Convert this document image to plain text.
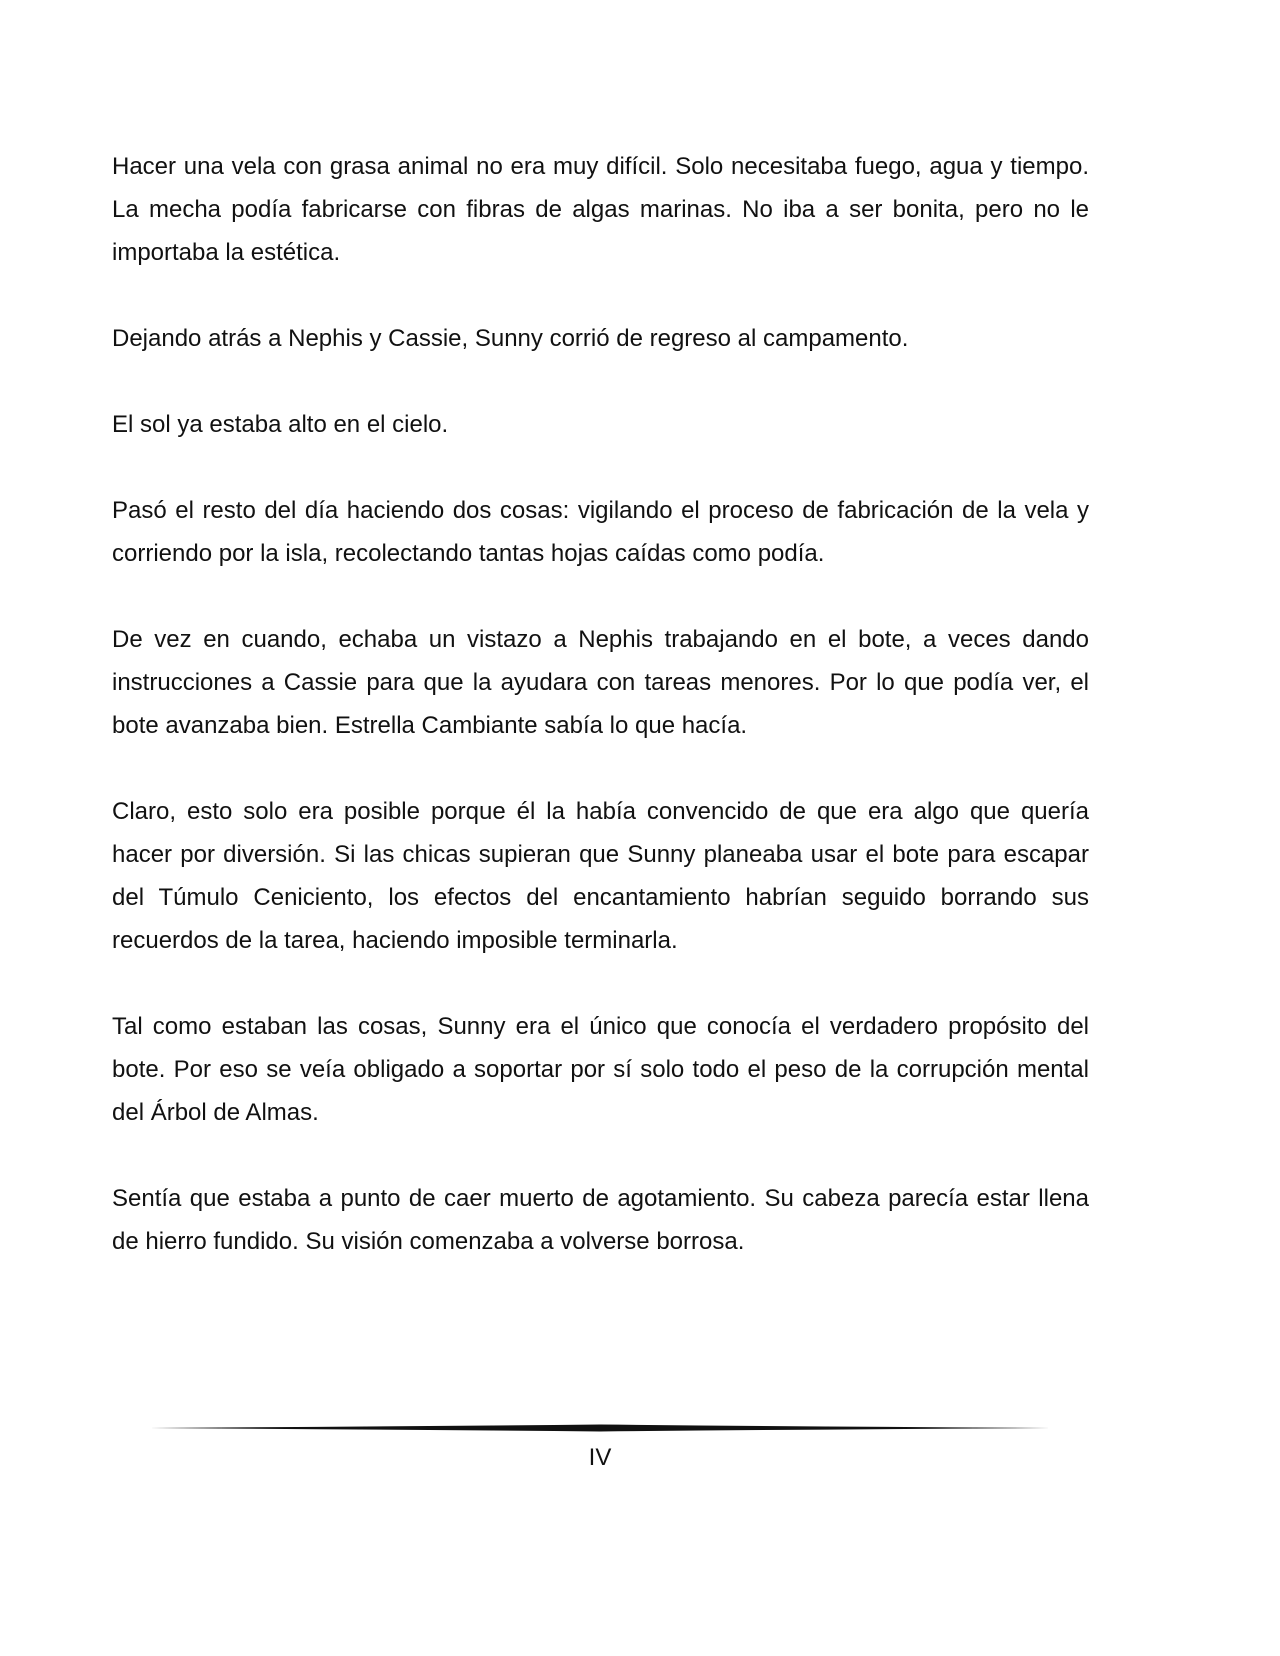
Hacer una vela con grasa animal no era muy difícil. Solo necesitaba fuego, agua y tiempo. La mecha podía fabricarse con fibras de algas marinas. No iba a ser bonita, pero no le importaba la estética.

Dejando atrás a Nephis y Cassie, Sunny corrió de regreso al campamento.

El sol ya estaba alto en el cielo.

Pasó el resto del día haciendo dos cosas: vigilando el proceso de fabricación de la vela y corriendo por la isla, recolectando tantas hojas caídas como podía.

De vez en cuando, echaba un vistazo a Nephis trabajando en el bote, a veces dando instrucciones a Cassie para que la ayudara con tareas menores. Por lo que podía ver, el bote avanzaba bien. Estrella Cambiante sabía lo que hacía.

Claro, esto solo era posible porque él la había convencido de que era algo que quería hacer por diversión. Si las chicas supieran que Sunny planeaba usar el bote para escapar del Túmulo Ceniciento, los efectos del encantamiento habrían seguido borrando sus recuerdos de la tarea, haciendo imposible terminarla.

Tal como estaban las cosas, Sunny era el único que conocía el verdadero propósito del bote. Por eso se veía obligado a soportar por sí solo todo el peso de la corrupción mental del Árbol de Almas.

Sentía que estaba a punto de caer muerto de agotamiento. Su cabeza parecía estar llena de hierro fundido. Su visión comenzaba a volverse borrosa.

IV
